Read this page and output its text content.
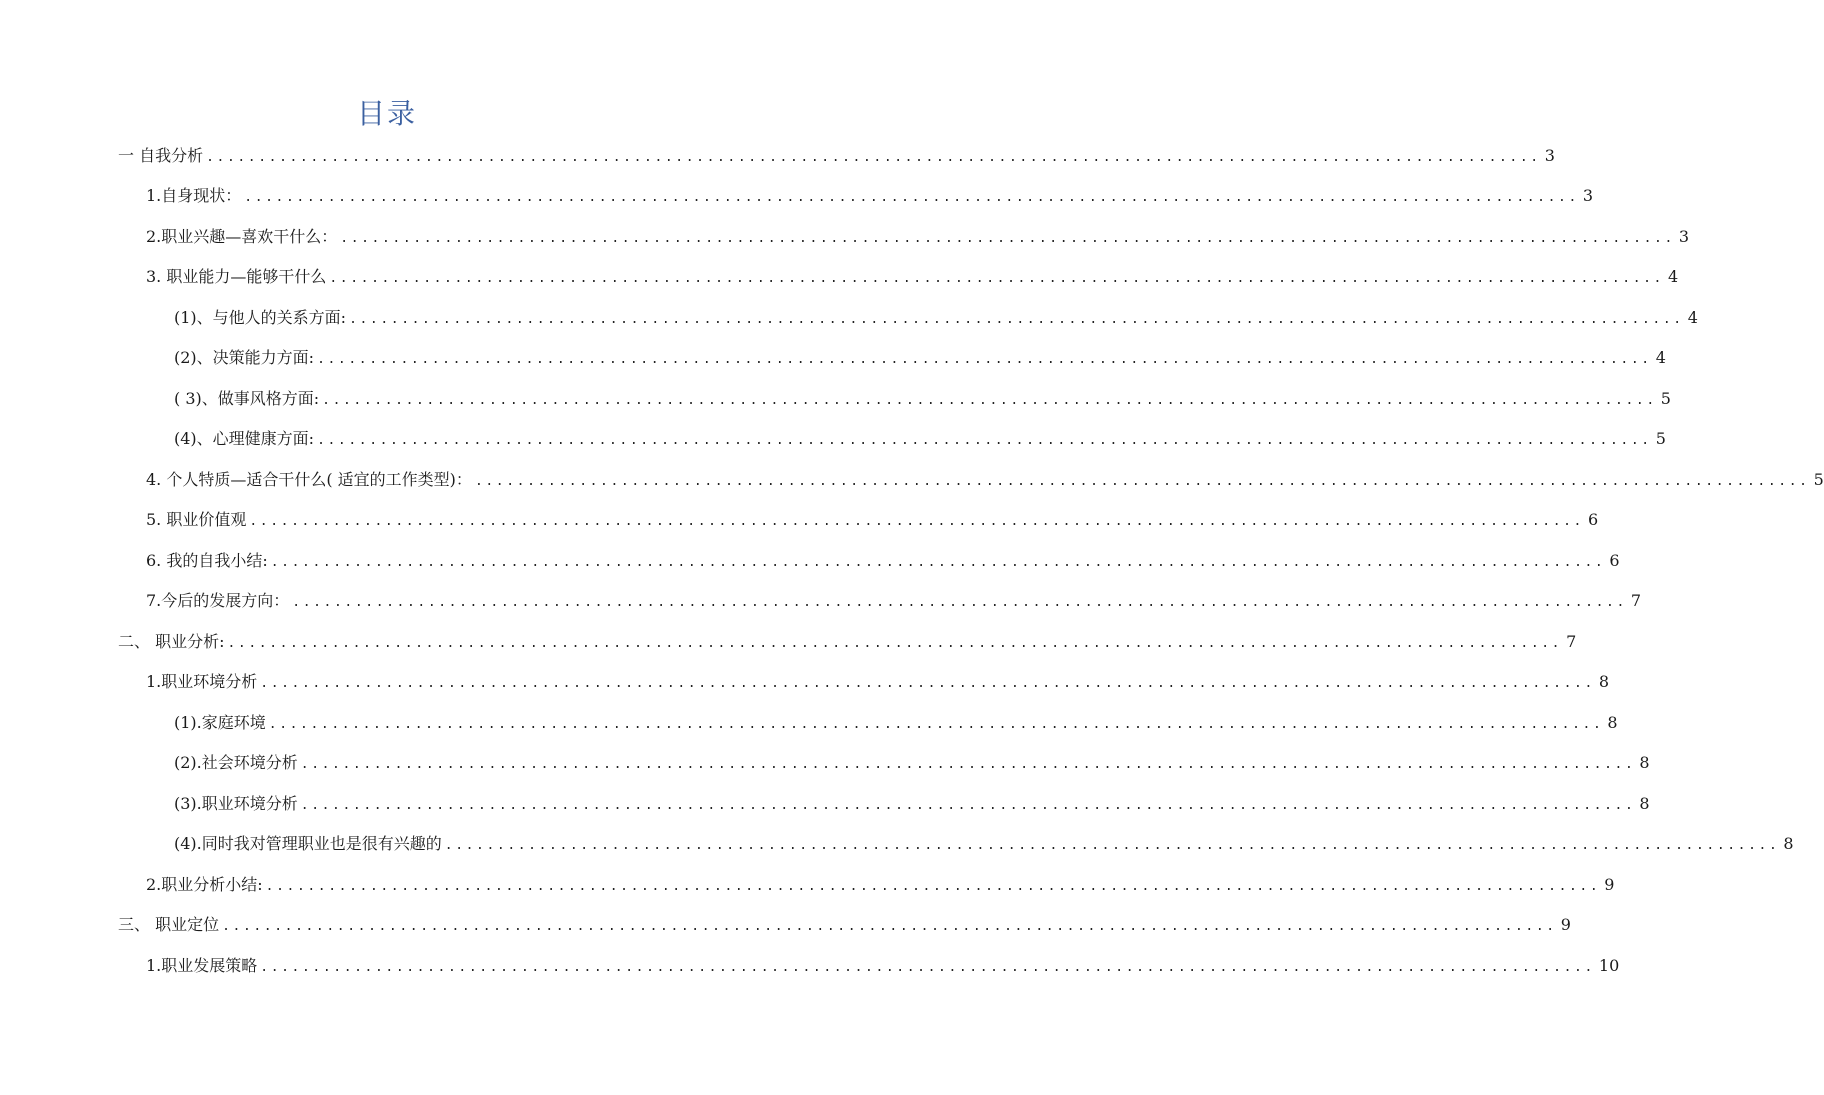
目录
一 自我分析 ................................................................................................................................ 3
1.自身现状： ................................................................................................................................ 3
2.职业兴趣—喜欢干什么： ................................................................................................................................ 3
3. 职业能力—能够干什么 ................................................................................................................................ 4
(1)、与他人的关系方面: ................................................................................................................................ 4
(2)、决策能力方面: ................................................................................................................................ 4
( 3)、做事风格方面: ................................................................................................................................ 5
(4)、心理健康方面: ................................................................................................................................ 5
4. 个人特质—适合干什么( 适宜的工作类型)： ................................................................................................................................ 5
5. 职业价值观 ................................................................................................................................ 6
6. 我的自我小结: ................................................................................................................................ 6
7.今后的发展方向： ................................................................................................................................ 7
二、 职业分析: ................................................................................................................................ 7
1.职业环境分析 ................................................................................................................................ 8
(1).家庭环境 ................................................................................................................................ 8
(2).社会环境分析 ................................................................................................................................ 8
(3).职业环境分析 ................................................................................................................................ 8
(4).同时我对管理职业也是很有兴趣的 ................................................................................................................................ 8
2.职业分析小结: ................................................................................................................................ 9
三、 职业定位 ................................................................................................................................ 9
1.职业发展策略 ................................................................................................................................ 10
